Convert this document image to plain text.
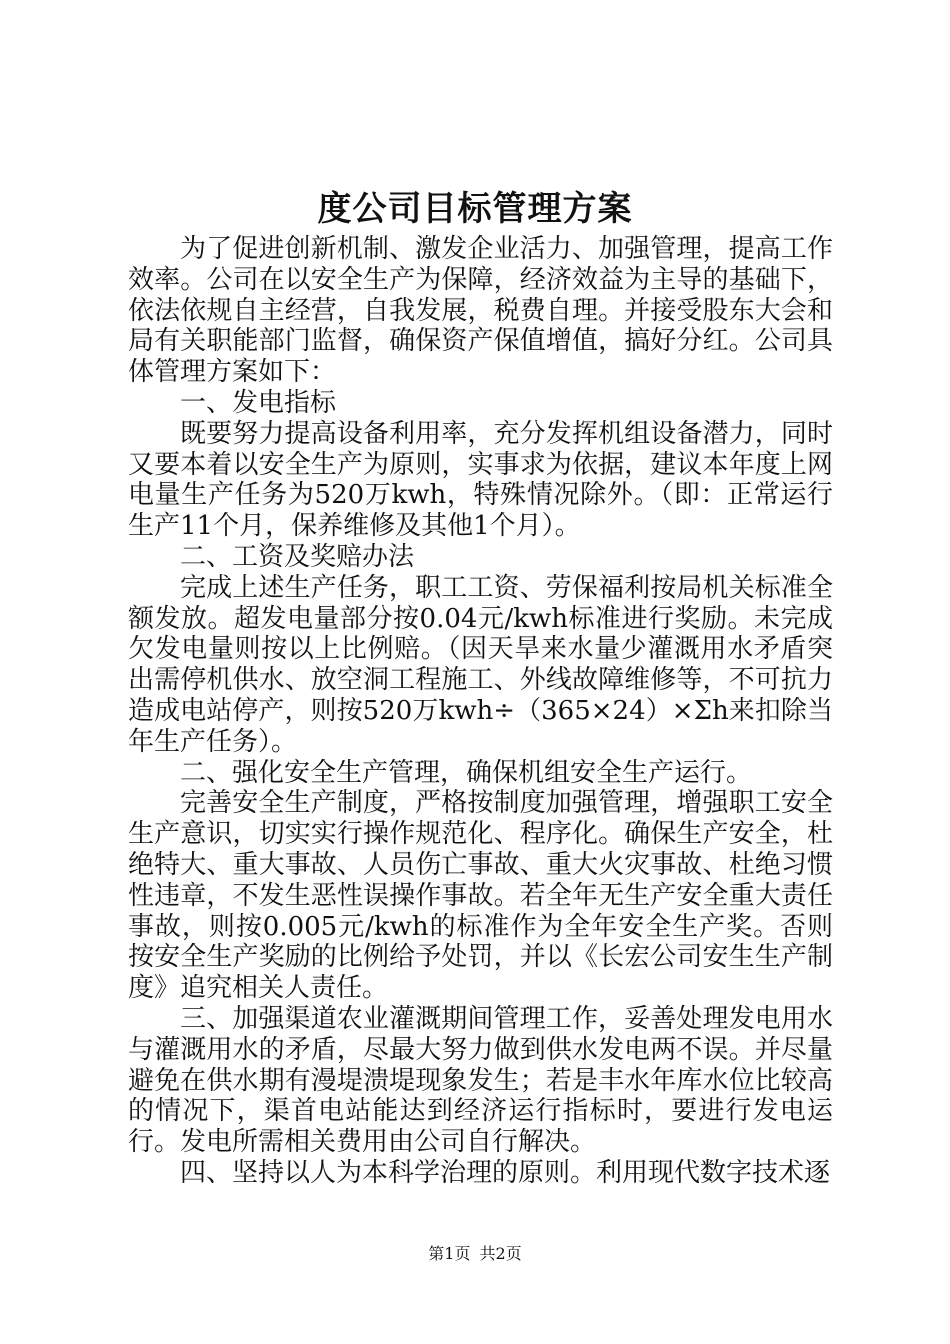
度公司目标管理方案

为了促进创新机制、激发企业活力、加强管理，提高工作效率。公司在以安全生产为保障，经济效益为主导的基础下，依法依规自主经营，自我发展，税费自理。并接受股东大会和局有关职能部门监督，确保资产保值增值，搞好分红。公司具体管理方案如下：

一、发电指标

既要努力提高设备利用率，充分发挥机组设备潜力，同时又要本着以安全生产为原则，实事求为依据，建议本年度上网电量生产任务为520万kwh，特殊情况除外。（即：正常运行生产11个月，保养维修及其他1个月）。

二、工资及奖赔办法

完成上述生产任务，职工工资、劳保福利按局机关标准全额发放。超发电量部分按0.04元/kwh标准进行奖励。未完成欠发电量则按以上比例赔。（因天旱来水量少灌溉用水矛盾突出需停机供水、放空洞工程施工、外线故障维修等，不可抗力造成电站停产，则按520万kwh÷（365×24）×Σh来扣除当年生产任务）。

二、强化安全生产管理，确保机组安全生产运行。

完善安全生产制度，严格按制度加强管理，增强职工安全生产意识，切实实行操作规范化、程序化。确保生产安全，杜绝特大、重大事故、人员伤亡事故、重大火灾事故、杜绝习惯性违章，不发生恶性误操作事故。若全年无生产安全重大责任事故，则按0.005元/kwh的标准作为全年安全生产奖。否则按安全生产奖励的比例给予处罚，并以《长宏公司安生生产制度》追究相关人责任。

三、加强渠道农业灌溉期间管理工作，妥善处理发电用水与灌溉用水的矛盾，尽最大努力做到供水发电两不误。并尽量避免在供水期有漫堤溃堤现象发生；若是丰水年库水位比较高的情况下，渠首电站能达到经济运行指标时，要进行发电运行。发电所需相关费用由公司自行解决。

四、坚持以人为本科学治理的原则。利用现代数字技术逐

第1页 共2页
